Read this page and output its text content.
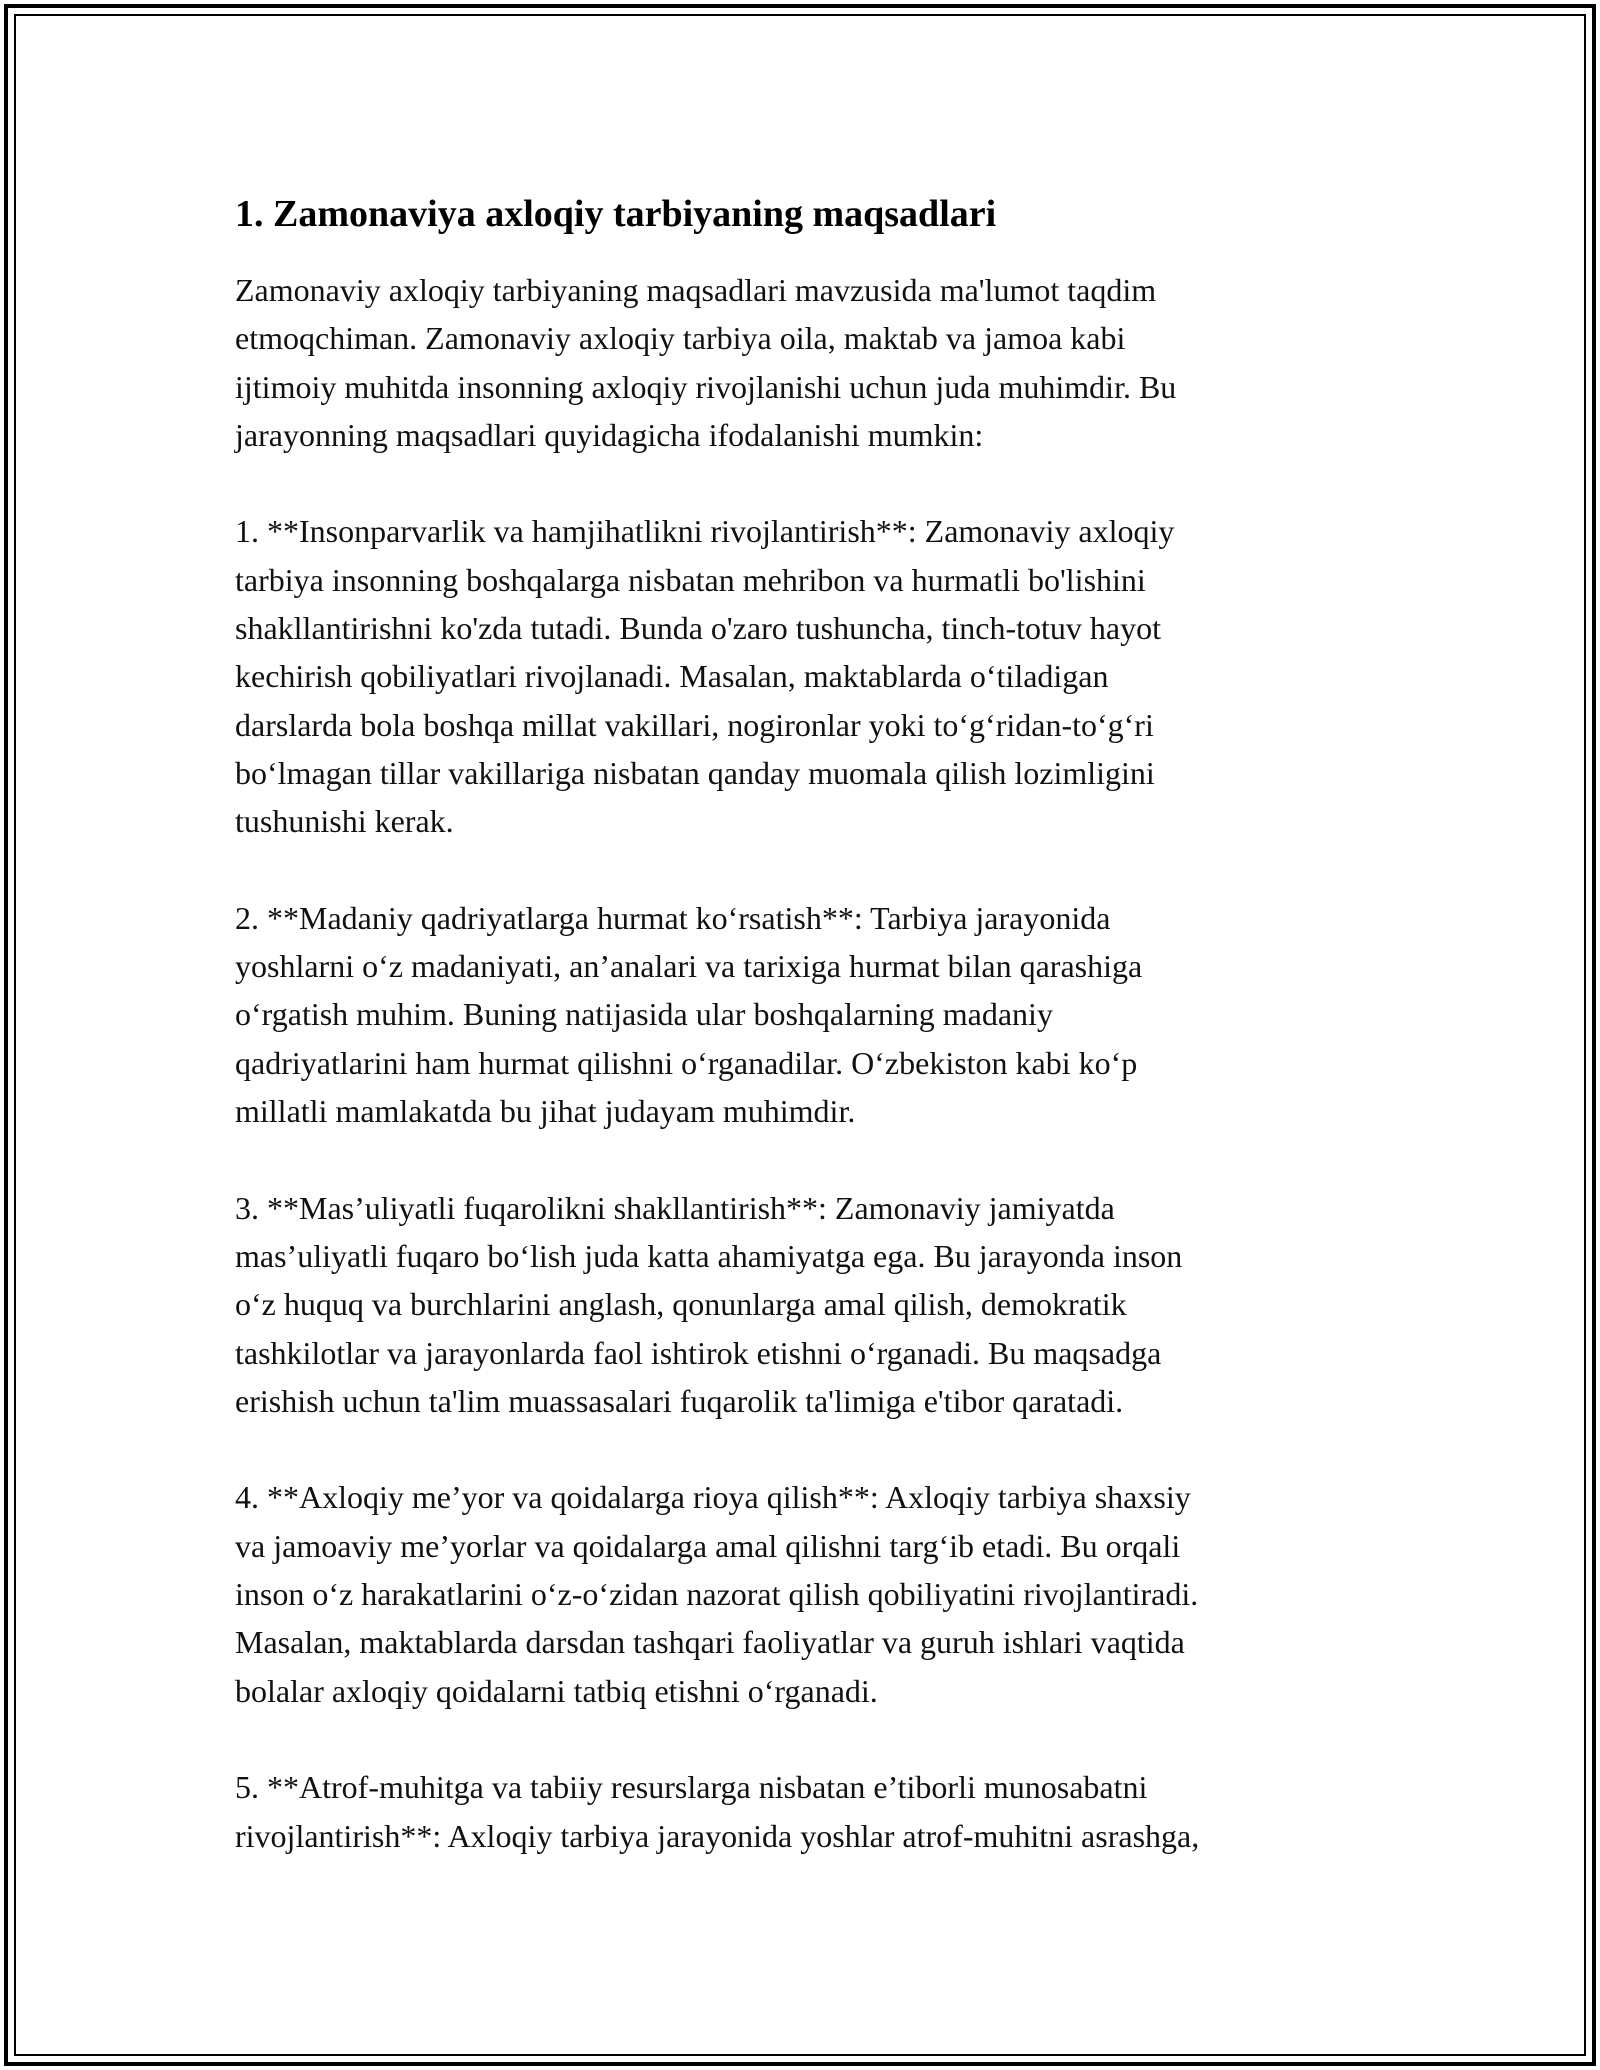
1. Zamonaviya axloqiy tarbiyaning maqsadlari
Zamonaviy axloqiy tarbiyaning maqsadlari mavzusida ma'lumot taqdim
etmoqchiman. Zamonaviy axloqiy tarbiya oila, maktab va jamoa kabi
ijtimoiy muhitda insonning axloqiy rivojlanishi uchun juda muhimdir. Bu
jarayonning maqsadlari quyidagicha ifodalanishi mumkin:
1. **Insonparvarlik va hamjihatlikni rivojlantirish**: Zamonaviy axloqiy
tarbiya insonning boshqalarga nisbatan mehribon va hurmatli bo'lishini
shakllantirishni ko'zda tutadi. Bunda o'zaro tushuncha, tinch-totuv hayot
kechirish qobiliyatlari rivojlanadi. Masalan, maktablarda o‘tiladigan
darslarda bola boshqa millat vakillari, nogironlar yoki to‘g‘ridan-to‘g‘ri
bo‘lmagan tillar vakillariga nisbatan qanday muomala qilish lozimligini
tushunishi kerak.
2. **Madaniy qadriyatlarga hurmat ko‘rsatish**: Tarbiya jarayonida
yoshlarni o‘z madaniyati, an’analari va tarixiga hurmat bilan qarashiga
o‘rgatish muhim. Buning natijasida ular boshqalarning madaniy
qadriyatlarini ham hurmat qilishni o‘rganadilar. O‘zbekiston kabi ko‘p
millatli mamlakatda bu jihat judayam muhimdir.
3. **Mas’uliyatli fuqarolikni shakllantirish**: Zamonaviy jamiyatda
mas’uliyatli fuqaro bo‘lish juda katta ahamiyatga ega. Bu jarayonda inson
o‘z huquq va burchlarini anglash, qonunlarga amal qilish, demokratik
tashkilotlar va jarayonlarda faol ishtirok etishni o‘rganadi. Bu maqsadga
erishish uchun ta'lim muassasalari fuqarolik ta'limiga e'tibor qaratadi.
4. **Axloqiy me’yor va qoidalarga rioya qilish**: Axloqiy tarbiya shaxsiy
va jamoaviy me’yorlar va qoidalarga amal qilishni targ‘ib etadi. Bu orqali
inson o‘z harakatlarini o‘z-o‘zidan nazorat qilish qobiliyatini rivojlantiradi.
Masalan, maktablarda darsdan tashqari faoliyatlar va guruh ishlari vaqtida
bolalar axloqiy qoidalarni tatbiq etishni o‘rganadi.
5. **Atrof-muhitga va tabiiy resurslarga nisbatan e’tiborli munosabatni
rivojlantirish**: Axloqiy tarbiya jarayonida yoshlar atrof-muhitni asrashga,
